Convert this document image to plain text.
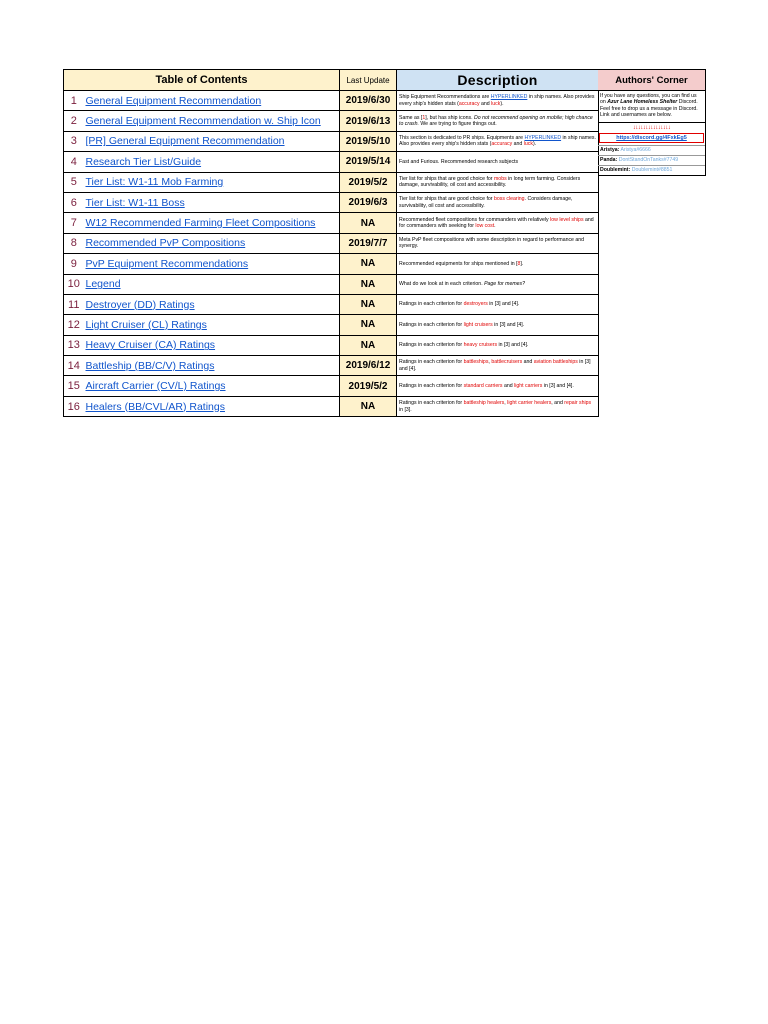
Table of Contents		Last Update	Description
1	General Equipment Recommendation	2019/6/30	Ship Equipment Recommendations are HYPERLINKED in ship names. Also provides every ship's hidden stats (accuracy and luck).
2	General Equipment Recommendation w. Ship Icon	2019/6/13	Same as [1], but has ship icons. Do not recommend opening on mobile; high chance to crash. We are trying to figure things out.
3	[PR] General Equipment Recommendation	2019/5/10	This section is dedicated to PR ships. Equipments are HYPERLINKED in ship names. Also provides every ship's hidden stats (accuracy and luck).
4	Research Tier List/Guide	2019/5/14	Fast and Furious. Recommended research subjects
5	Tier List: W1-11 Mob Farming	2019/5/2	Tier list for ships that are good choice for mobs in long term farming. Considers damage, survivability, oil cost and accessibility.
6	Tier List: W1-11 Boss	2019/6/3	Tier list for ships that are good choice for boss clearing. Considers damage, survivability, oil cost and accessibility.
7	W12 Recommended Farming Fleet Compositions	NA	Recommended fleet compositions for commanders with relatively low level ships and for commanders with seeking for low cost.
8	Recommended PvP Compositions	2019/7/7	Meta PvP fleet compositions with some description in regard to performance and synergy.
9	PvP Equipment Recommendations	NA	Recommended equipments for ships mentioned in [8].
10	Legend	NA	What do we look at in each criterion. Page for memes?
11	Destroyer (DD) Ratings	NA	Ratings in each criterion for destroyers in [3] and [4].
12	Light Cruiser (CL) Ratings	NA	Ratings in each criterion for light cruisers in [3] and [4].
13	Heavy Cruiser (CA) Ratings	NA	Ratings in each criterion for heavy cruisers in [3] and [4].
14	Battleship (BB/C/V) Ratings	2019/6/12	Ratings in each criterion for battleships, battlecruisers and aviation battleships in [3] and [4].
15	Aircraft Carrier (CV/L) Ratings	2019/5/2	Ratings in each criterion for standard carriers and light carriers in [3] and [4].
16	Healers (BB/CVL/AR) Ratings	NA	Ratings in each criterion for battleship healers, light carrier healers, and repair ships in [3].
Authors' Corner
If you have any questions, you can find us on Azur Lane Homeless Shelter Discord. Feel free to drop us a message in Discord. Link and usernames are below.
↓↓↓↓↓↓↓↓↓↓↓↓↓↓↓
https://discord.gg/4FxkEg5
Aristya: Aristya#6666
Panda: DontStandOnTanks#7749
Doublemint: Doublemint#8851
